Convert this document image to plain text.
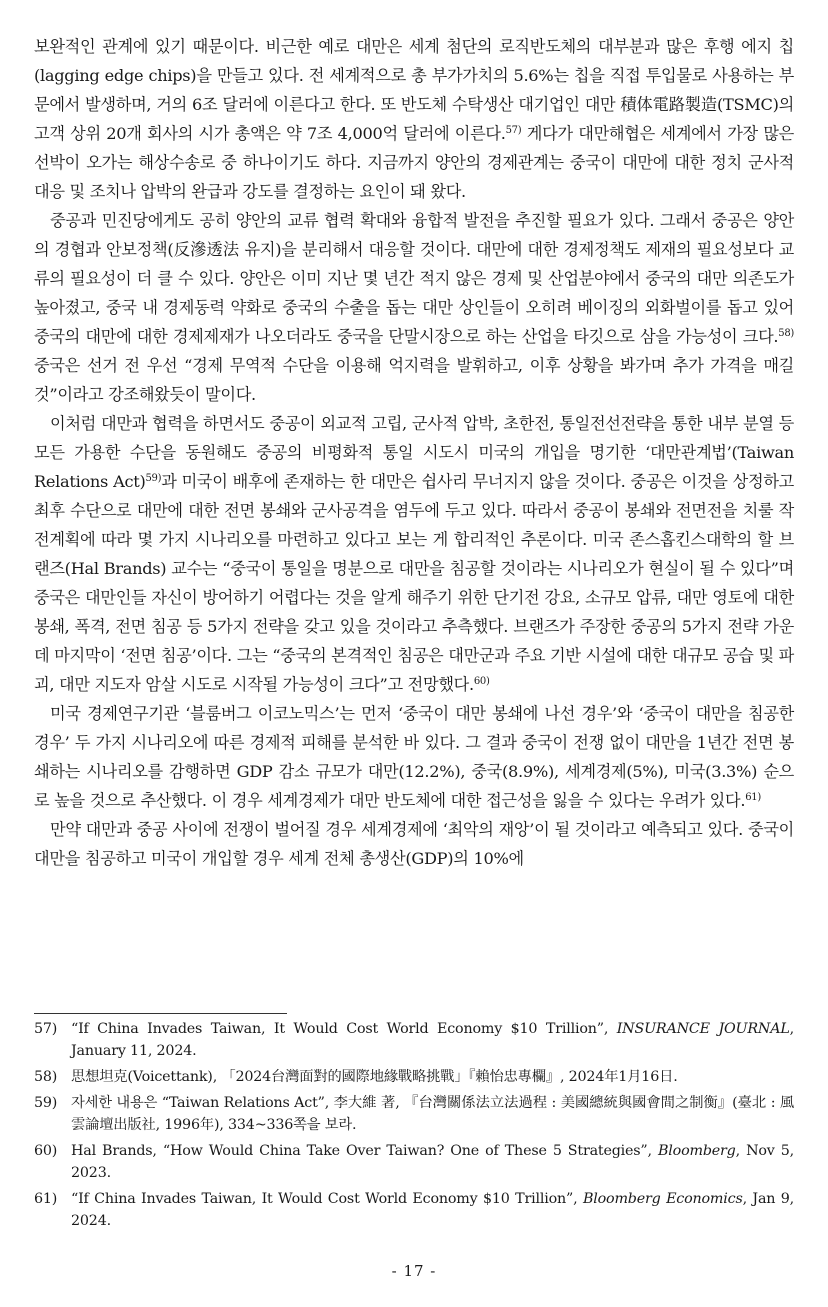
보완적인 관계에 있기 때문이다. 비근한 예로 대만은 세계 첨단의 로직반도체의 대부분과 많은 후행 에지 칩(lagging edge chips)을 만들고 있다. 전 세계적으로 총 부가가치의 5.6%는 칩을 직접 투입물로 사용하는 부문에서 발생하며, 거의 6조 달러에 이른다고 한다. 또 반도체 수탁생산 대기업인 대만 積体電路製造(TSMC)의 고객 상위 20개 회사의 시가 총액은 약 7조 4,000억 달러에 이른다.$^{57)}$ 게다가 대만해협은 세계에서 가장 많은 선박이 오가는 해상수송로 중 하나이기도 하다. 지금까지 양안의 경제관계는 중국이 대만에 대한 정치 군사적 대응 및 조치나 압박의 완급과 강도를 결정하는 요인이 돼 왔다.

중공과 민진당에게도 공히 양안의 교류 협력 확대와 융합적 발전을 추진할 필요가 있다. 그래서 중공은 양안의 경협과 안보정책(反滲透法 유지)을 분리해서 대응할 것이다. 대만에 대한 경제정책도 제재의 필요성보다 교류의 필요성이 더 클 수 있다. 양안은 이미 지난 몇 년간 적지 않은 경제 및 산업분야에서 중국의 대만 의존도가 높아졌고, 중국 내 경제동력 약화로 중국의 수출을 돕는 대만 상인들이 오히려 베이징의 외화벌이를 돕고 있어 중국의 대만에 대한 경제제재가 나오더라도 중국을 단말시장으로 하는 산업을 타깃으로 삼을 가능성이 크다.$^{58)}$ 중국은 선거 전 우선 “경제 무역적 수단을 이용해 억지력을 발휘하고, 이후 상황을 봐가며 추가 가격을 매길 것”이라고 강조해왔듯이 말이다.

이처럼 대만과 협력을 하면서도 중공이 외교적 고립, 군사적 압박, 초한전, 통일전선전략을 통한 내부 분열 등 모든 가용한 수단을 동원해도 중공의 비평화적 통일 시도시 미국의 개입을 명기한 ‘대만관계법’(Taiwan Relations Act)$^{59)}$과 미국이 배후에 존재하는 한 대만은 쉽사리 무너지지 않을 것이다. 중공은 이것을 상정하고 최후 수단으로 대만에 대한 전면 봉쇄와 군사공격을 염두에 두고 있다. 따라서 중공이 봉쇄와 전면전을 치룰 작전계획에 따라 몇 가지 시나리오를 마련하고 있다고 보는 게 합리적인 추론이다. 미국 존스홉킨스대학의 할 브랜즈(Hal Brands) 교수는 “중국이 통일을 명분으로 대만을 침공할 것이라는 시나리오가 현실이 될 수 있다”며 중국은 대만인들 자신이 방어하기 어렵다는 것을 알게 해주기 위한 단기전 강요, 소규모 압류, 대만 영토에 대한 봉쇄, 폭격, 전면 침공 등 5가지 전략을 갖고 있을 것이라고 추측했다. 브랜즈가 주장한 중공의 5가지 전략 가운데 마지막이 ‘전면 침공’이다. 그는 “중국의 본격적인 침공은 대만군과 주요 기반 시설에 대한 대규모 공습 및 파괴, 대만 지도자 암살 시도로 시작될 가능성이 크다”고 전망했다.$^{60)}$

미국 경제연구기관 ‘블룸버그 이코노믹스’는 먼저 ‘중국이 대만 봉쇄에 나선 경우’와 ‘중국이 대만을 침공한 경우’ 두 가지 시나리오에 따른 경제적 피해를 분석한 바 있다. 그 결과 중국이 전쟁 없이 대만을 1년간 전면 봉쇄하는 시나리오를 감행하면 GDP 감소 규모가 대만(12.2%), 중국(8.9%), 세계경제(5%), 미국(3.3%) 순으로 높을 것으로 추산했다. 이 경우 세계경제가 대만 반도체에 대한 접근성을 잃을 수 있다는 우려가 있다.$^{61)}$

만약 대만과 중공 사이에 전쟁이 벌어질 경우 세계경제에 ‘최악의 재앙’이 될 것이라고 예측되고 있다. 중국이 대만을 침공하고 미국이 개입할 경우 세계 전체 총생산(GDP)의 10%에

57) “If China Invades Taiwan, It Would Cost World Economy $10 Trillion”, INSURANCE JOURNAL, January 11, 2024.
58) 思想坦克(Voicettank), 「2024台灣面對的國際地緣戰略挑戰」『賴怡忠專欄』, 2024年1月16日.
59) 자세한 내용은 “Taiwan Relations Act”, 李大維 著, 『台灣關係法立法過程 : 美國總統與國會間之制衡』(臺北 : 風雲論壇出版社, 1996年), 334~336쪽을 보라.
60) Hal Brands, “How Would China Take Over Taiwan? One of These 5 Strategies”, Bloomberg, Nov 5, 2023.
61) “If China Invades Taiwan, It Would Cost World Economy $10 Trillion”, Bloomberg Economics, Jan 9, 2024.
- 17 -
